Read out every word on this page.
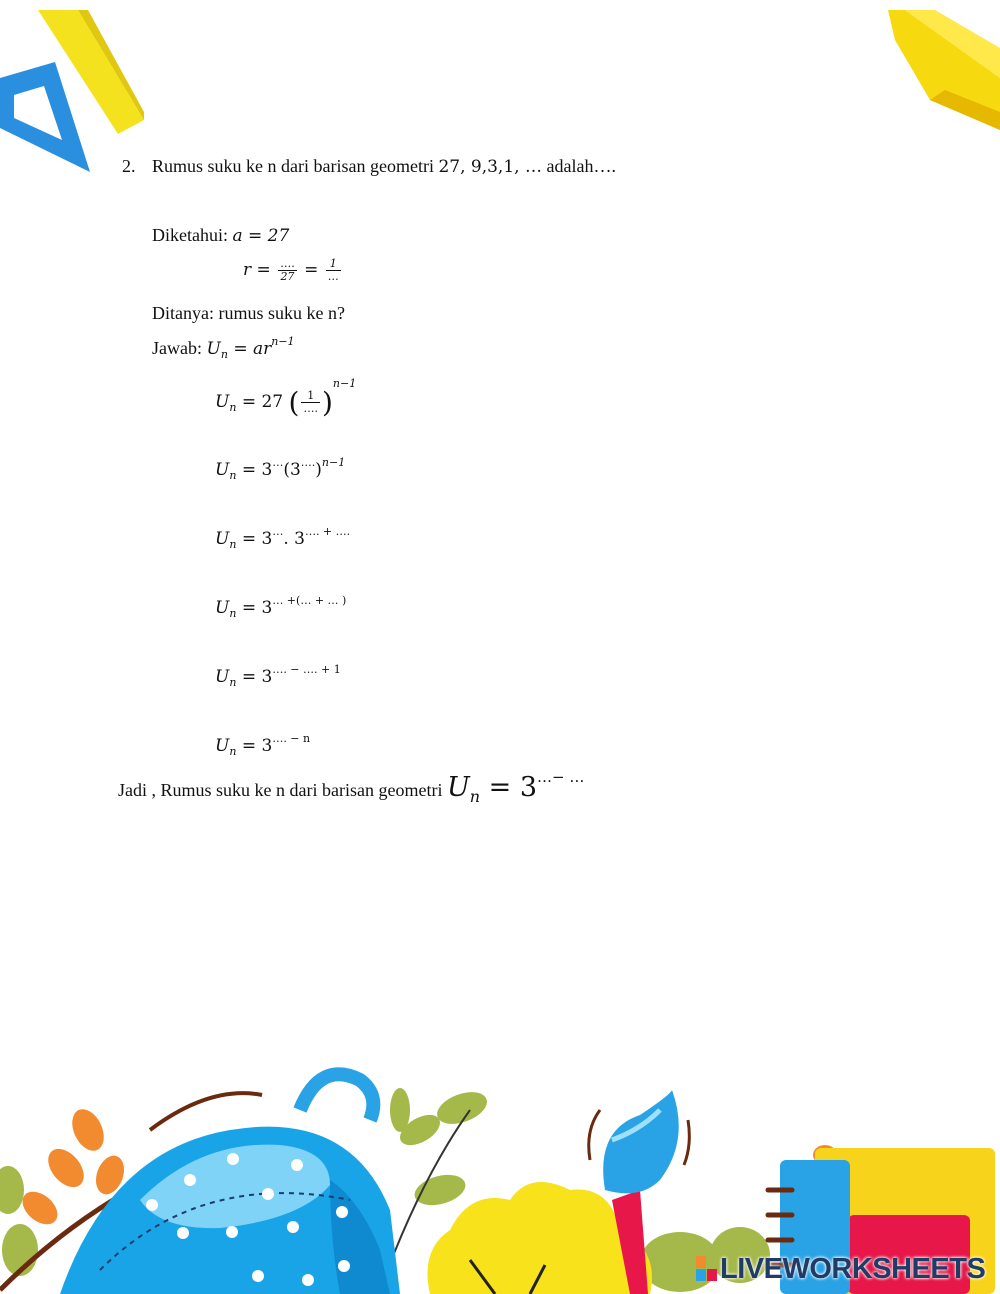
2. Rumus suku ke n dari barisan geometri 27, 9,3,1, … adalah….
Diketahui: a = 27
$r = \frac{\dots.}{27} = \frac{1}{\dots}$
Ditanya: rumus suku ke n?
Jawab: $U_n = ar^{n-1}$
$U_n = 27$ ( $\frac{1}{\dots.} )^{n-1}$
$U_n = 3^\dots(3^{\dots.})^{n-1}$
$U_n = 3^\dots$. 3…. + ….
$U_n = 3^{\dots +(\dots + \dots )}$
$U_n = 3^{\dots. - \dots. + 1}$
$U_n = 3^{\dots. - n}$
Jadi , Rumus suku ke n dari barisan geometri $U_n = 3^{\dots- \dots}$
LIVEWORKSHEETS
